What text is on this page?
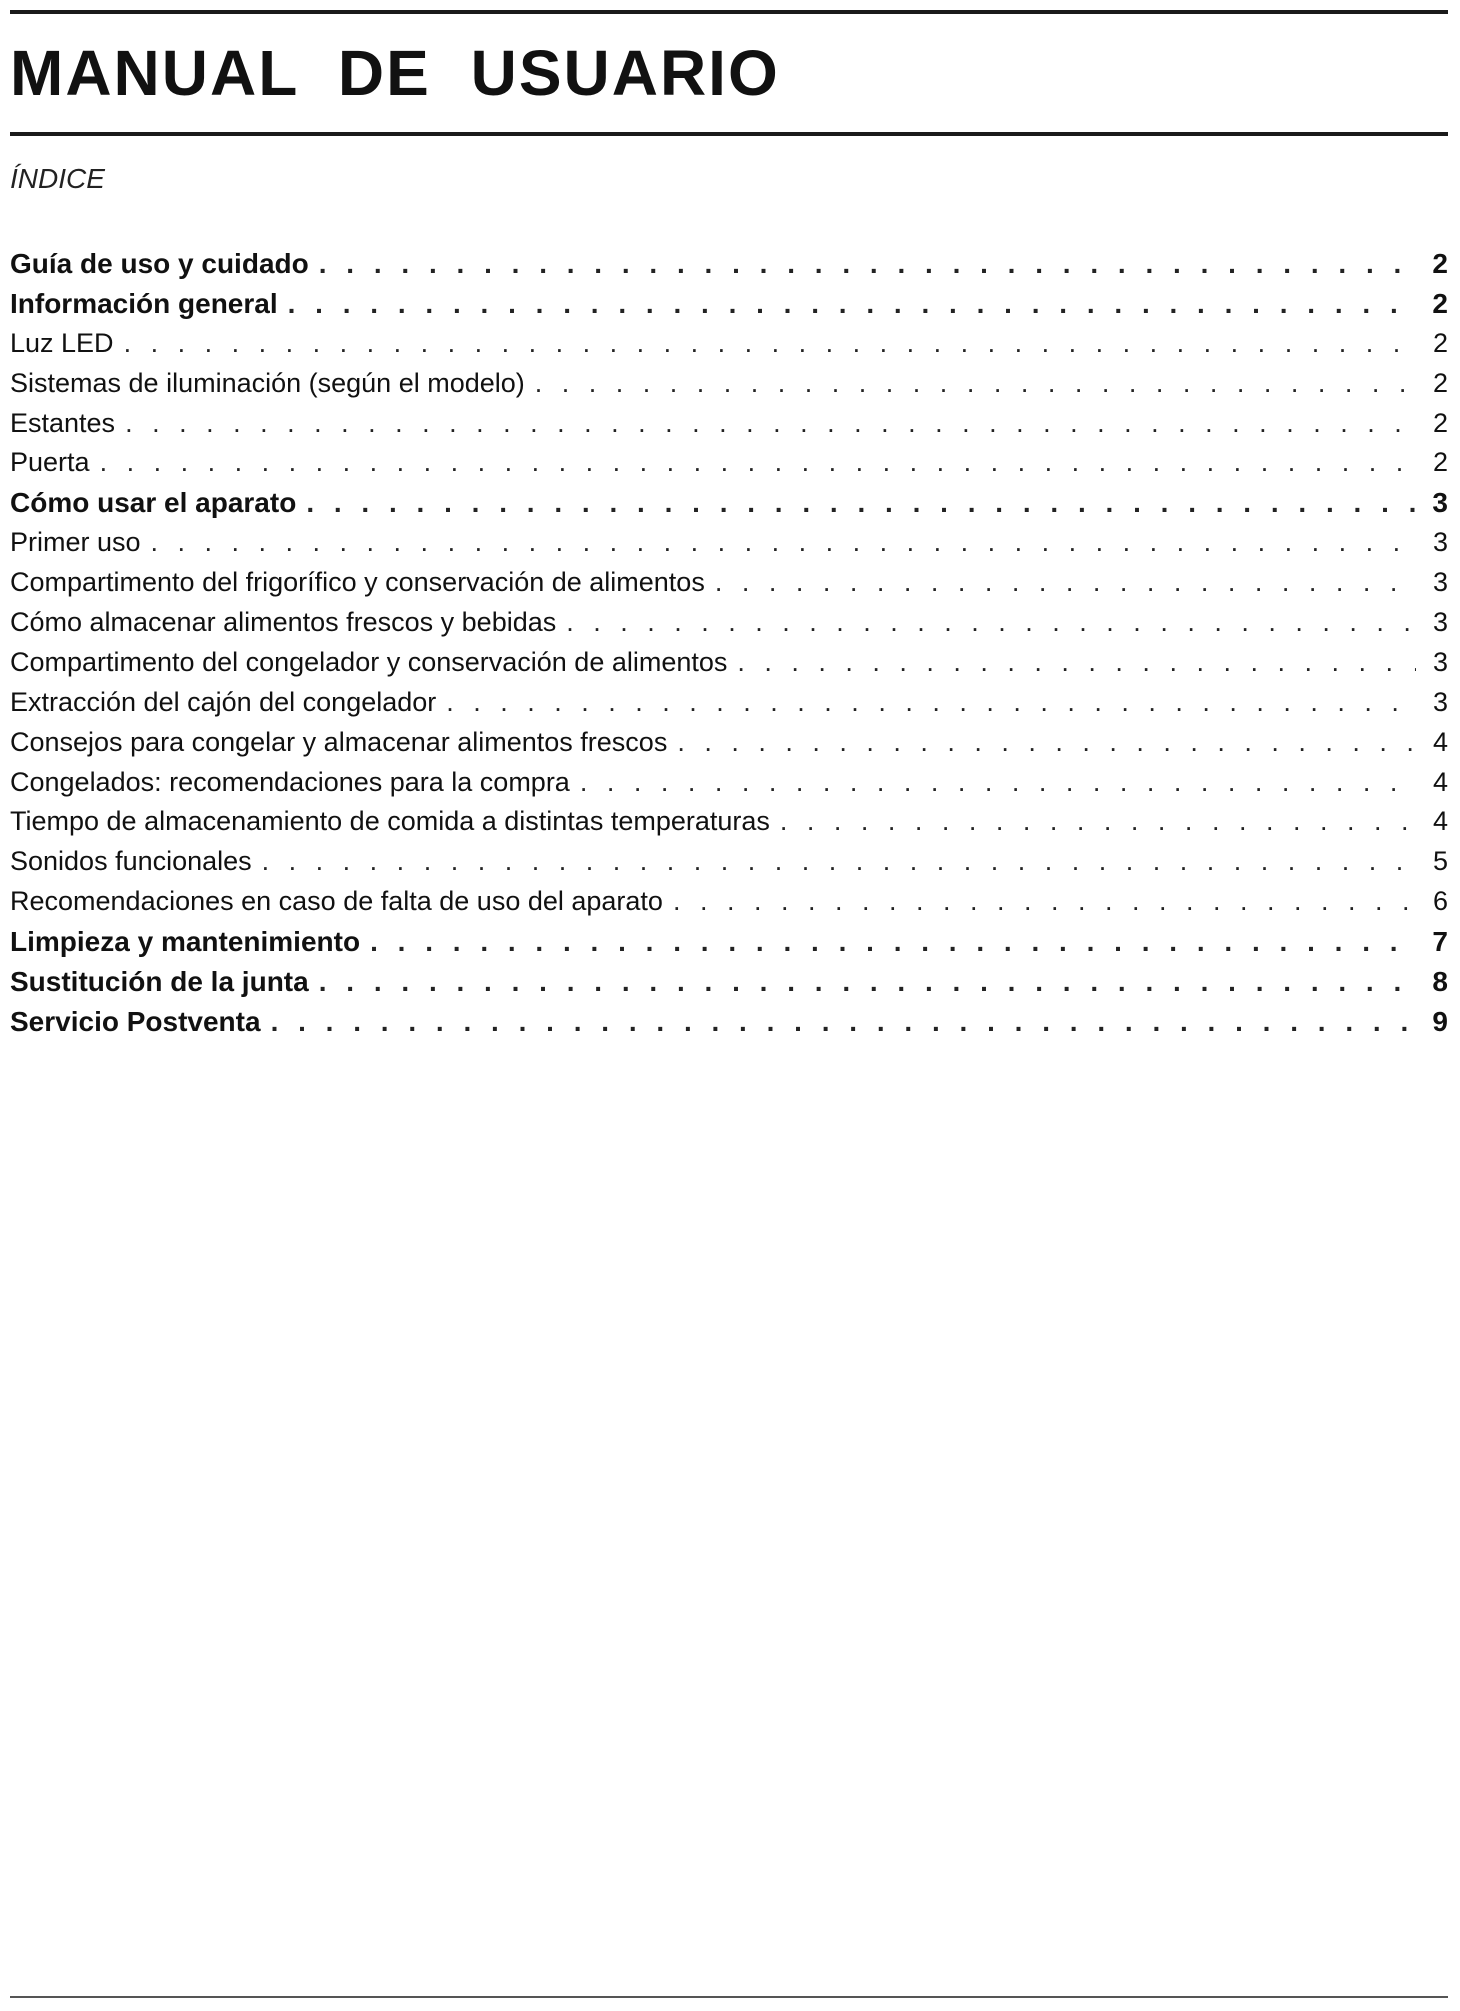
MANUAL DE USUARIO
ÍNDICE
Guía de uso y cuidado . . .	2
Información general . . .	2
Luz LED . . .	2
Sistemas de iluminación (según el modelo) . . .	2
Estantes . . .	2
Puerta . . .	2
Cómo usar el aparato . . .	3
Primer uso . . .	3
Compartimento del frigorífico y conservación de alimentos . . .	3
Cómo almacenar alimentos frescos y bebidas . . .	3
Compartimento del congelador y conservación de alimentos . . .	3
Extracción del cajón del congelador . . .	3
Consejos para congelar y almacenar alimentos frescos . . .	4
Congelados: recomendaciones para la compra . . .	4
Tiempo de almacenamiento de comida a distintas temperaturas . . .	4
Sonidos funcionales . . .	5
Recomendaciones en caso de falta de uso del aparato . . .	6
Limpieza y mantenimiento . . .	7
Sustitución de la junta . . .	8
Servicio Postventa . . .	9
